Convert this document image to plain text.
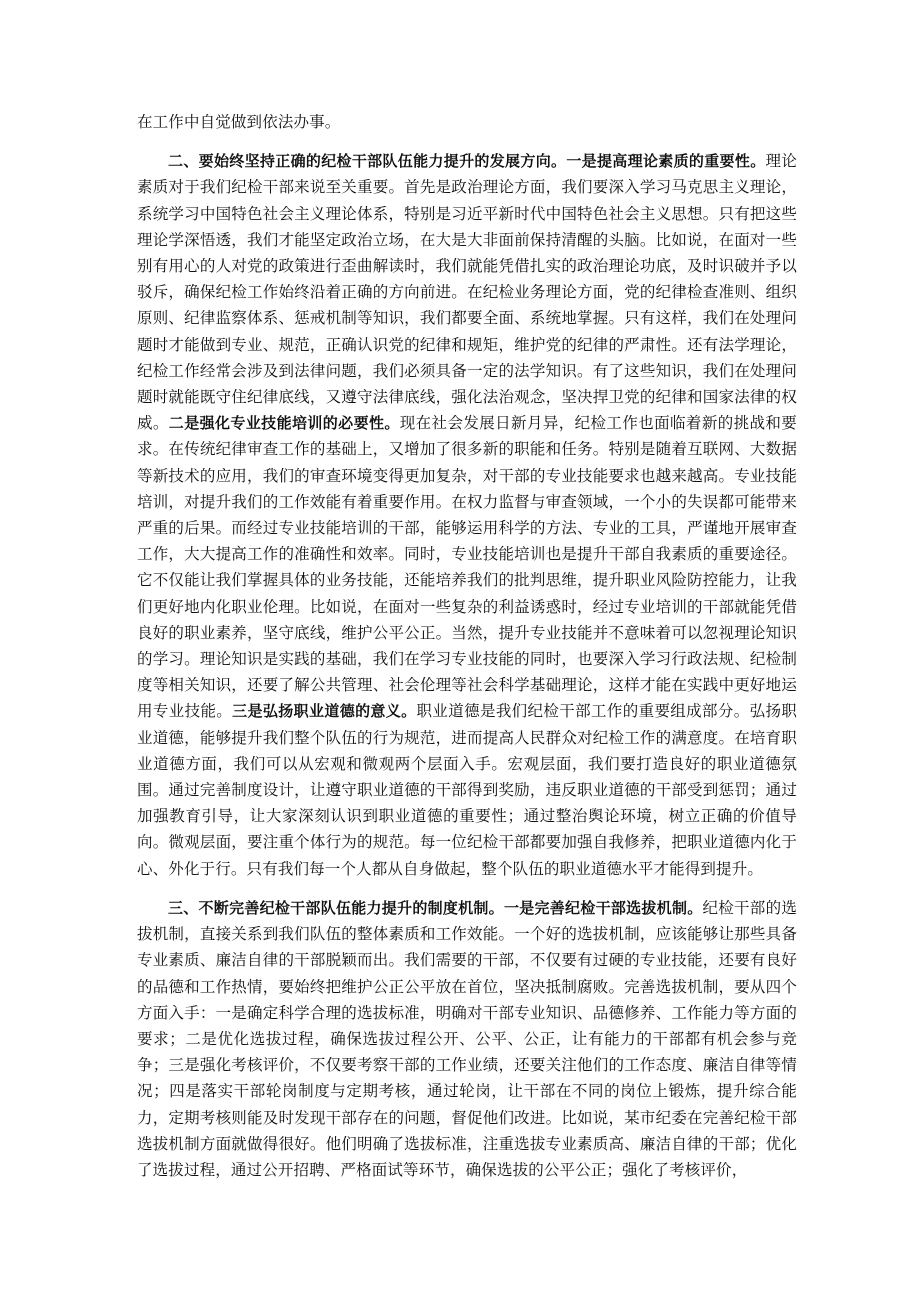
在工作中自觉做到依法办事。

二、要始终坚持正确的纪检干部队伍能力提升的发展方向。一是提高理论素质的重要性。理论素质对于我们纪检干部来说至关重要。首先是政治理论方面，我们要深入学习马克思主义理论，系统学习中国特色社会主义理论体系，特别是习近平新时代中国特色社会主义思想。只有把这些理论学深悟透，我们才能坚定政治立场，在大是大非面前保持清醒的头脑。比如说，在面对一些别有用心的人对党的政策进行歪曲解读时，我们就能凭借扎实的政治理论功底，及时识破并予以驳斥，确保纪检工作始终沿着正确的方向前进。在纪检业务理论方面，党的纪律检查准则、组织原则、纪律监察体系、惩戒机制等知识，我们都要全面、系统地掌握。只有这样，我们在处理问题时才能做到专业、规范，正确认识党的纪律和规矩，维护党的纪律的严肃性。还有法学理论，纪检工作经常会涉及到法律问题，我们必须具备一定的法学知识。有了这些知识，我们在处理问题时就能既守住纪律底线，又遵守法律底线，强化法治观念，坚决捍卫党的纪律和国家法律的权威。二是强化专业技能培训的必要性。现在社会发展日新月异，纪检工作也面临着新的挑战和要求。在传统纪律审查工作的基础上，又增加了很多新的职能和任务。特别是随着互联网、大数据等新技术的应用，我们的审查环境变得更加复杂，对干部的专业技能要求也越来越高。专业技能培训，对提升我们的工作效能有着重要作用。在权力监督与审查领域，一个小的失误都可能带来严重的后果。而经过专业技能培训的干部，能够运用科学的方法、专业的工具，严谨地开展审查工作，大大提高工作的准确性和效率。同时，专业技能培训也是提升干部自我素质的重要途径。它不仅能让我们掌握具体的业务技能，还能培养我们的批判思维，提升职业风险防控能力，让我们更好地内化职业伦理。比如说，在面对一些复杂的利益诱惑时，经过专业培训的干部就能凭借良好的职业素养，坚守底线，维护公平公正。当然，提升专业技能并不意味着可以忽视理论知识的学习。理论知识是实践的基础，我们在学习专业技能的同时，也要深入学习行政法规、纪检制度等相关知识，还要了解公共管理、社会伦理等社会科学基础理论，这样才能在实践中更好地运用专业技能。三是弘扬职业道德的意义。职业道德是我们纪检干部工作的重要组成部分。弘扬职业道德，能够提升我们整个队伍的行为规范，进而提高人民群众对纪检工作的满意度。在培育职业道德方面，我们可以从宏观和微观两个层面入手。宏观层面，我们要打造良好的职业道德氛围。通过完善制度设计，让遵守职业道德的干部得到奖励，违反职业道德的干部受到惩罚；通过加强教育引导，让大家深刻认识到职业道德的重要性；通过整治舆论环境，树立正确的价值导向。微观层面，要注重个体行为的规范。每一位纪检干部都要加强自我修养，把职业道德内化于心、外化于行。只有我们每一个人都从自身做起，整个队伍的职业道德水平才能得到提升。

三、不断完善纪检干部队伍能力提升的制度机制。一是完善纪检干部选拔机制。纪检干部的选拔机制，直接关系到我们队伍的整体素质和工作效能。一个好的选拔机制，应该能够让那些具备专业素质、廉洁自律的干部脱颖而出。我们需要的干部，不仅要有过硬的专业技能，还要有良好的品德和工作热情，要始终把维护公正公平放在首位，坚决抵制腐败。完善选拔机制，要从四个方面入手：一是确定科学合理的选拔标准，明确对干部专业知识、品德修养、工作能力等方面的要求；二是优化选拔过程，确保选拔过程公开、公平、公正，让有能力的干部都有机会参与竞争；三是强化考核评价，不仅要考察干部的工作业绩，还要关注他们的工作态度、廉洁自律等情况；四是落实干部轮岗制度与定期考核，通过轮岗，让干部在不同的岗位上锻炼，提升综合能力，定期考核则能及时发现干部存在的问题，督促他们改进。比如说，某市纪委在完善纪检干部选拔机制方面就做得很好。他们明确了选拔标准，注重选拔专业素质高、廉洁自律的干部；优化了选拔过程，通过公开招聘、严格面试等环节，确保选拔的公平公正；强化了考核评价，
